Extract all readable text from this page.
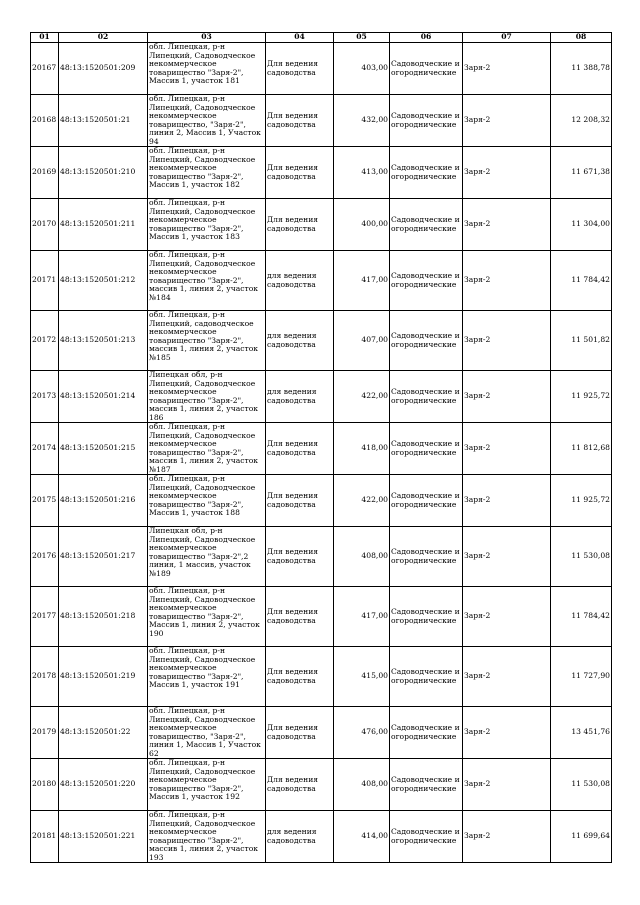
01	02	03	04	05	06	07	08
20167	48:13:1520501:209	обл. Липецкая, р-н Липецкий, Садоводческое некоммерческое товарищество "Заря-2", Массив 1, участок 181	Для ведения садоводства	403,00	Садоводческие и огороднические	Заря-2	11 388,78
20168	48:13:1520501:21	обл. Липецкая, р-н Липецкий, Садоводческое некоммерческое товарищество, "Заря-2", линия 2, Массив 1, Участок 94	Для ведения садоводства	432,00	Садоводческие и огороднические	Заря-2	12 208,32
20169	48:13:1520501:210	обл. Липецкая, р-н Липецкий, Садоводческое некоммерческое товарищество "Заря-2", Массив 1, участок 182	Для ведения садоводства	413,00	Садоводческие и огороднические	Заря-2	11 671,38
20170	48:13:1520501:211	обл. Липецкая, р-н Липецкий, Садоводческое некоммерческое товарищество "Заря-2", Массив 1, участок 183	Для ведения садоводства	400,00	Садоводческие и огороднические	Заря-2	11 304,00
20171	48:13:1520501:212	обл. Липецкая, р-н Липецкий, Садоводческое некоммерческое товарищество "Заря-2", массив 1, линия 2, участок №184	для ведения садоводства	417,00	Садоводческие и огороднические	Заря-2	11 784,42
20172	48:13:1520501:213	обл. Липецкая, р-н Липецкий, садоводческое некоммерческое товарищество "Заря-2", массив 1, линия 2, участок №185	для ведения садоводства	407,00	Садоводческие и огороднические	Заря-2	11 501,82
20173	48:13:1520501:214	Липецкая обл, р-н Липецкий, Садоводческое некоммерческое товарищество "Заря-2", массив 1, линия 2, участок 186	для ведения садоводства	422,00	Садоводческие и огороднические	Заря-2	11 925,72
20174	48:13:1520501:215	обл. Липецкая, р-н Липецкий, Садоводческое некоммерческое товарищество "Заря-2", массив 1, линия 2, участок №187	Для ведения садоводства	418,00	Садоводческие и огороднические	Заря-2	11 812,68
20175	48:13:1520501:216	обл. Липецкая, р-н Липецкий, Садоводческое некоммерческое товарищество "Заря-2", Массив 1, участок 188	Для ведения садоводства	422,00	Садоводческие и огороднические	Заря-2	11 925,72
20176	48:13:1520501:217	Липецкая обл, р-н Липецкий, Садоводческое некоммерческое товарищество "Заря-2",2 линия, 1 массив, участок №189	Для ведения садоводства	408,00	Садоводческие и огороднические	Заря-2	11 530,08
20177	48:13:1520501:218	обл. Липецкая, р-н Липецкий, Садоводческое некоммерческое товарищество "Заря-2", Массив 1, линия 2, участок 190	Для ведения садоводства	417,00	Садоводческие и огороднические	Заря-2	11 784,42
20178	48:13:1520501:219	обл. Липецкая, р-н Липецкий, Садоводческое некоммерческое товарищество "Заря-2", Массив 1, участок 191	Для ведения садоводства	415,00	Садоводческие и огороднические	Заря-2	11 727,90
20179	48:13:1520501:22	обл. Липецкая, р-н Липецкий, Садоводческое некоммерческое товарищество, "Заря-2", линия 1, Массив 1, Участок 62	Для ведения садоводства	476,00	Садоводческие и огороднические	Заря-2	13 451,76
20180	48:13:1520501:220	обл. Липецкая, р-н Липецкий, Садоводческое некоммерческое товарищество "Заря-2", Массив 1, участок 192	Для ведения садоводства	408,00	Садоводческие и огороднические	Заря-2	11 530,08
20181	48:13:1520501:221	обл. Липецкая, р-н Липецкий, Садоводческое некоммерческое товарищество "Заря-2", массив 1, линия 2, участок 193	для ведения садоводства	414,00	Садоводческие и огороднические	Заря-2	11 699,64
